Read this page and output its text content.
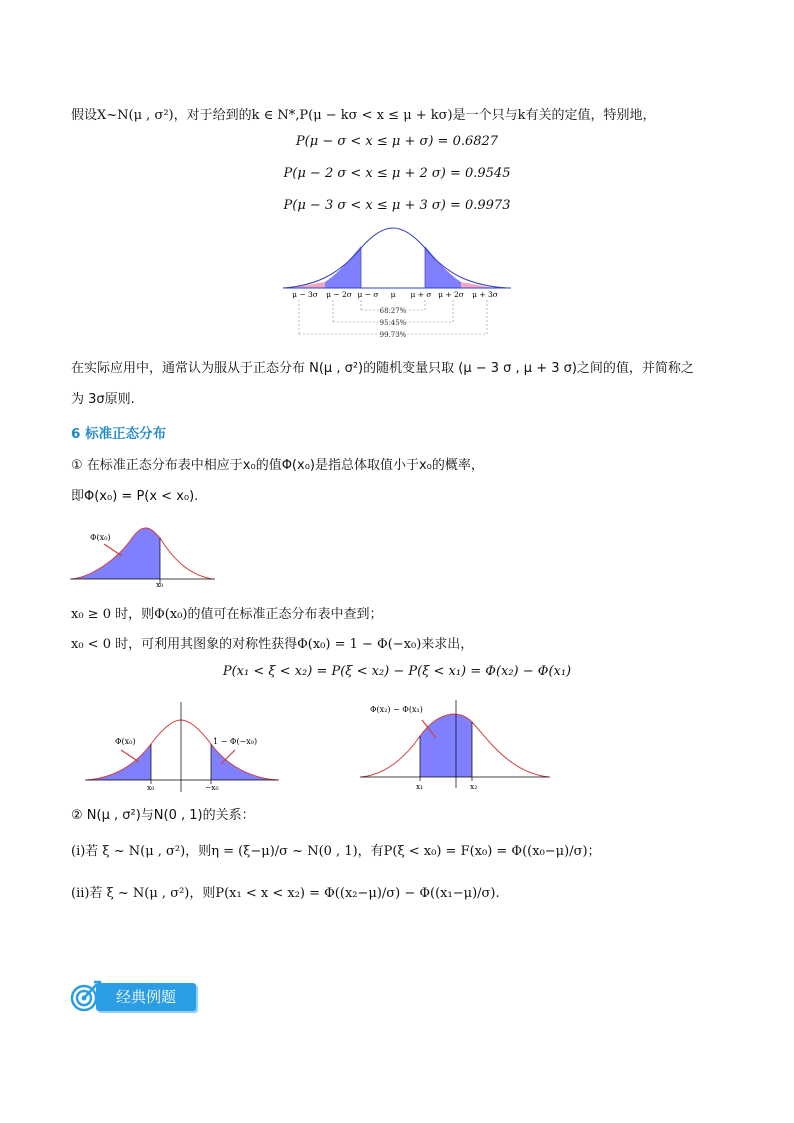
假设X~N(μ , σ²)，对于给到的k ∈ N*,P(μ − kσ < x ≤ μ + kσ)是一个只与k有关的定值，特别地，
P(μ − σ < x ≤ μ + σ) = 0.6827
P(μ − 2 σ < x ≤ μ + 2 σ) = 0.9545
P(μ − 3 σ < x ≤ μ + 3 σ) = 0.9973
μ − 3σ μ − 2σ μ − σ μ μ + σ μ + 2σ μ + 3σ
68.27%
95.45%
99.73%
在实际应用中，通常认为服从于正态分布 N(μ , σ²)的随机变量只取 (μ − 3 σ , μ + 3 σ)之间的值，并简称之
为 3σ原则.
6 标准正态分布
① 在标准正态分布表中相应于x₀的值Φ(x₀)是指总体取值小于x₀的概率，
即Φ(x₀) = P(x < x₀).
Φ(x₀)
x₀
x₀ ≥ 0 时，则Φ(x₀)的值可在标准正态分布表中查到；
x₀ < 0 时，可利用其图象的对称性获得Φ(x₀) = 1 − Φ(−x₀)来求出，
P(x₁ < ξ < x₂) = P(ξ < x₂) − P(ξ < x₁) = Φ(x₂) − Φ(x₁)
Φ(x₀)	1 − Φ(−x₀)
x₀	−x₀
Φ(x₂) − Φ(x₁)
x₁	x₂
② N(μ , σ²)与N(0 , 1)的关系：
(i)若 ξ ~ N(μ , σ²)，则η = (ξ−μ)/σ ~ N(0 , 1)，有P(ξ < x₀) = F(x₀) = Φ((x₀−μ)/σ)；
(ii)若 ξ ~ N(μ , σ²)，则P(x₁ < x < x₂) = Φ((x₂−μ)/σ) − Φ((x₁−μ)/σ).
经典例题
